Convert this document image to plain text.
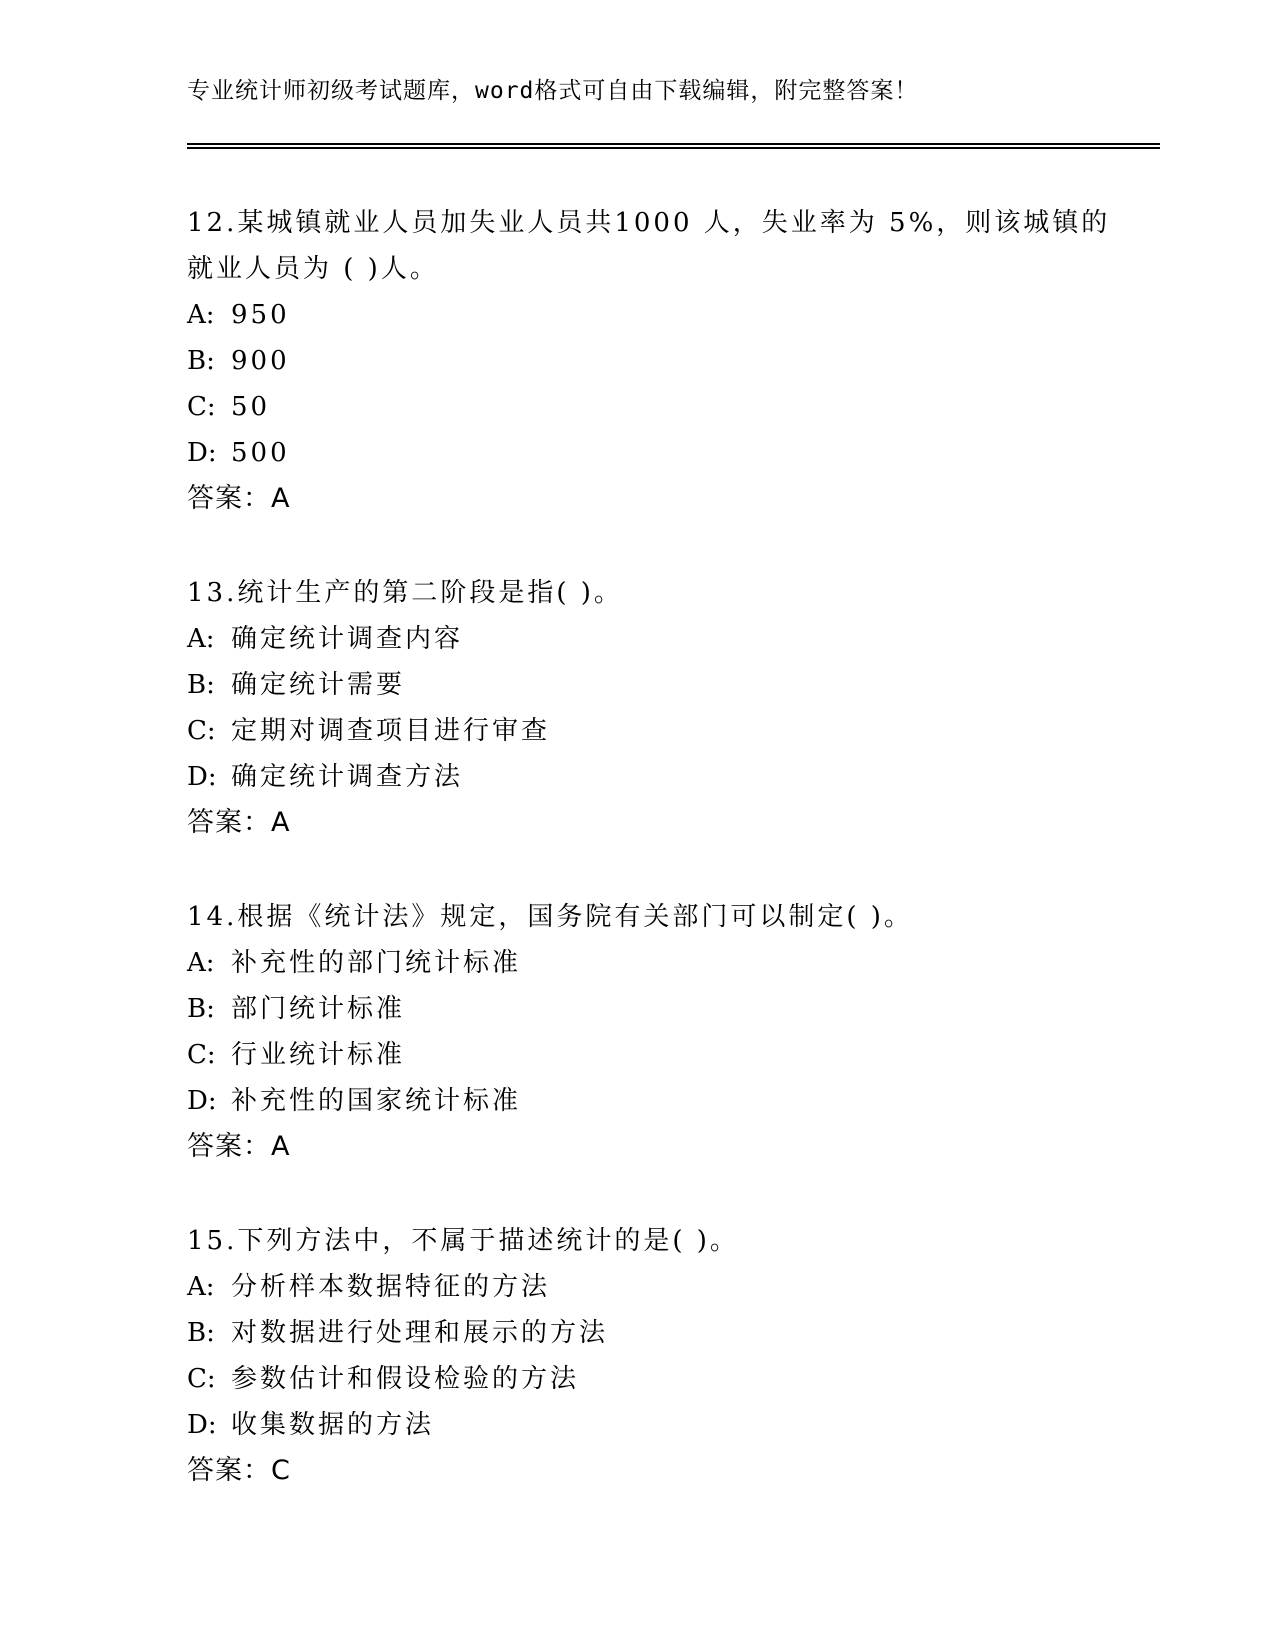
专业统计师初级考试题库，word格式可自由下载编辑，附完整答案！
12.某城镇就业人员加失业人员共1000 人，失业率为 5%，则该城镇的就业人员为 ( )人。
A: 950
B: 900
C: 50
D: 500
答案：A
13.统计生产的第二阶段是指( )。
A: 确定统计调查内容
B: 确定统计需要
C: 定期对调查项目进行审查
D: 确定统计调查方法
答案：A
14.根据《统计法》规定，国务院有关部门可以制定( )。
A: 补充性的部门统计标准
B: 部门统计标准
C: 行业统计标准
D: 补充性的国家统计标准
答案：A
15.下列方法中，不属于描述统计的是( )。
A: 分析样本数据特征的方法
B: 对数据进行处理和展示的方法
C: 参数估计和假设检验的方法
D: 收集数据的方法
答案：C
